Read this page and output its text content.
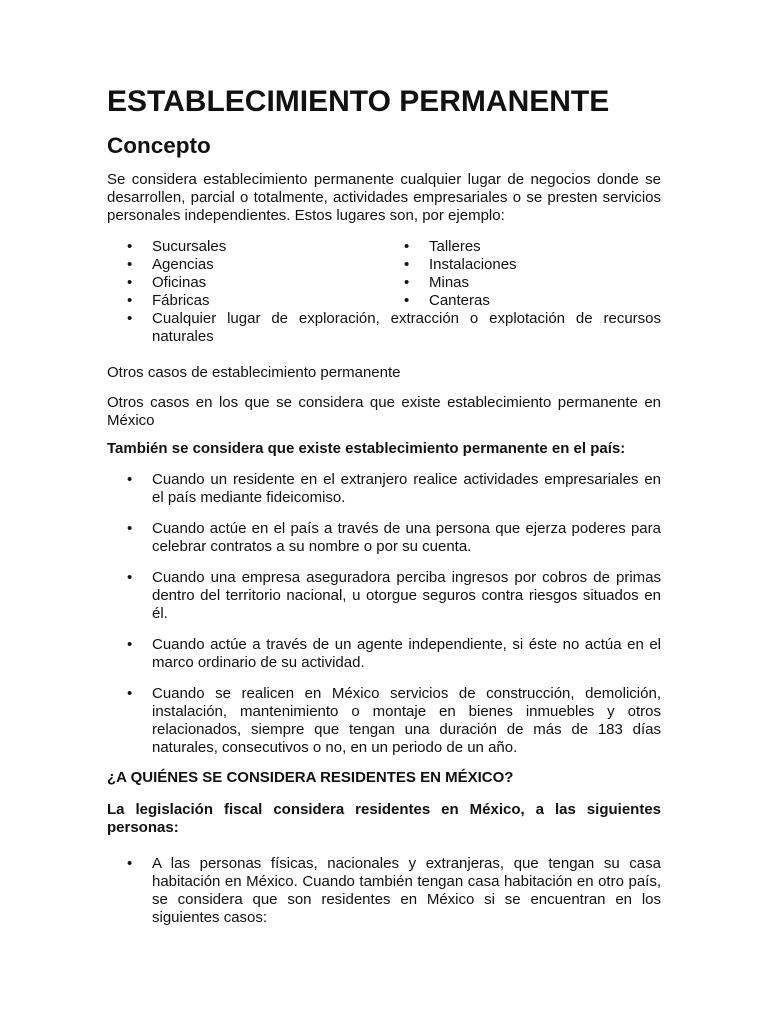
ESTABLECIMIENTO PERMANENTE
Concepto

Se considera establecimiento permanente cualquier lugar de negocios donde se desarrollen, parcial o totalmente, actividades empresariales o se presten servicios personales independientes. Estos lugares son, por ejemplo:

•	Sucursales
•	Agencias
•	Oficinas
•	Fábricas
•	Talleres
•	Instalaciones
•	Minas
•	Canteras
•	Cualquier lugar de exploración, extracción o explotación de recursos naturales

Otros casos de establecimiento permanente

Otros casos en los que se considera que existe establecimiento permanente en México

También se considera que existe establecimiento permanente en el país:

•	Cuando un residente en el extranjero realice actividades empresariales en el país mediante fideicomiso.
•	Cuando actúe en el país a través de una persona que ejerza poderes para celebrar contratos a su nombre o por su cuenta.
•	Cuando una empresa aseguradora perciba ingresos por cobros de primas dentro del territorio nacional, u otorgue seguros contra riesgos situados en él.
•	Cuando actúe a través de un agente independiente, si éste no actúa en el marco ordinario de su actividad.
•	Cuando se realicen en México servicios de construcción, demolición, instalación, mantenimiento o montaje en bienes inmuebles y otros relacionados, siempre que tengan una duración de más de 183 días naturales, consecutivos o no, en un periodo de un año.

¿A QUIÉNES SE CONSIDERA RESIDENTES EN MÉXICO?

La legislación fiscal considera residentes en México, a las siguientes personas:

•	A las personas físicas, nacionales y extranjeras, que tengan su casa habitación en México. Cuando también tengan casa habitación en otro país, se considera que son residentes en México si se encuentran en los siguientes casos:
